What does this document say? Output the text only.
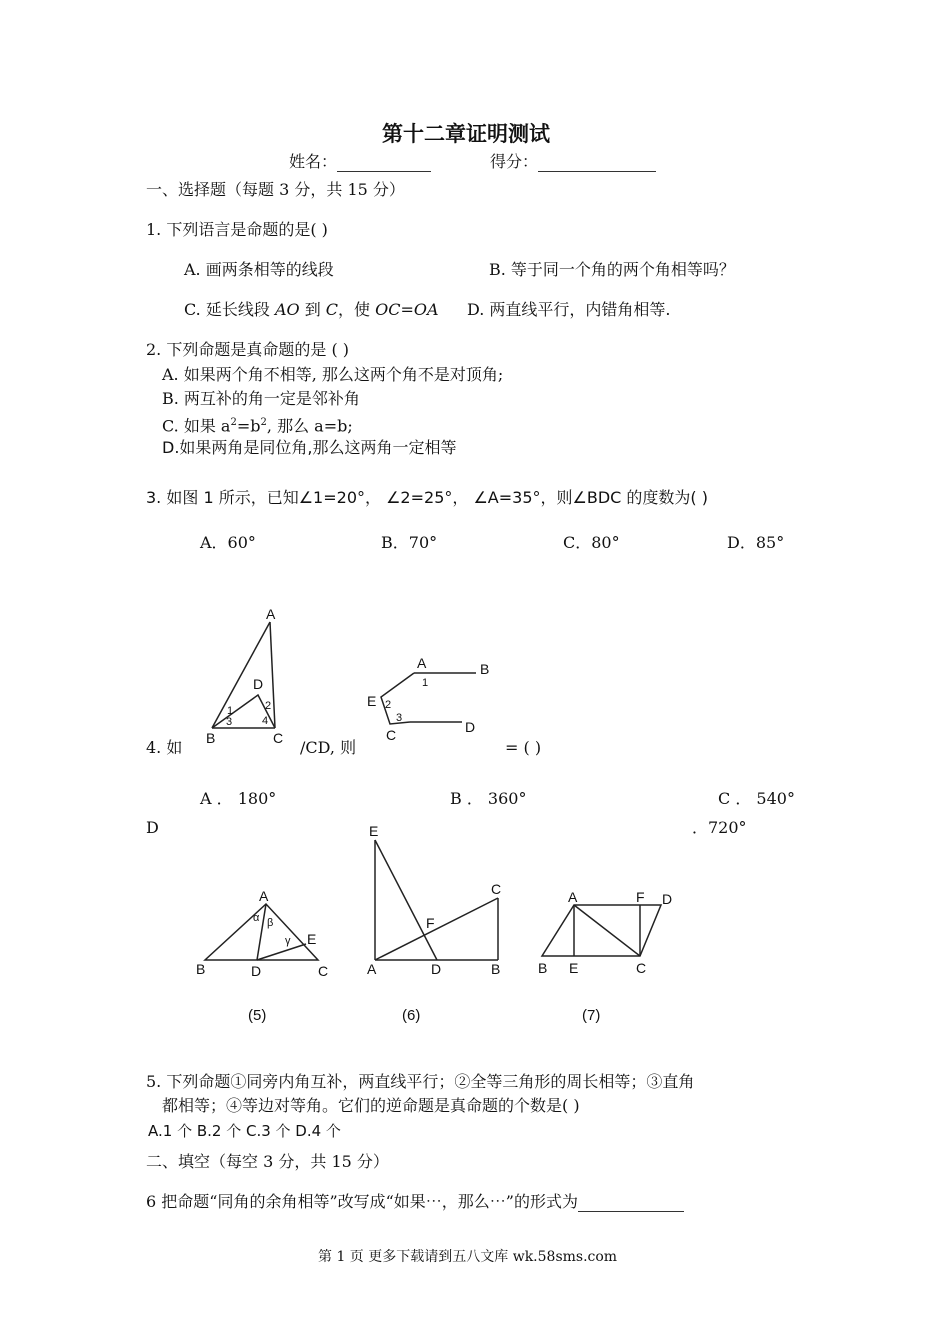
第十二章证明测试
姓名：	得分：
一、选择题（每题 3 分，共 15 分）
1. 下列语言是命题的是( )
A. 画两条相等的线段	B. 等于同一个角的两个角相等吗？
C. 延长线段 AO 到 C，使 OC=OA D. 两直线平行，内错角相等.
2. 下列命题是真命题的是 ( )
A. 如果两个角不相等, 那么这两个角不是对顶角;
B. 两互补的角一定是邻补角
C. 如果 $a^2=b^2$, 那么 a=b;
D.如果两角是同位角,那么这两角一定相等
3. 如图 1 所示，已知∠1=20°， ∠2=25°， ∠A=35°，则∠BDC 的度数为( )
A．60°	B．70°	C．80°	D．85°
4. 如	/CD, 则	= ( )
A ． 180°	B ． 360°	C ． 540°
D	．720°
A
D
B	C
1	2
3	4
A	B
E
C	D
1
2
3
A
B	D	C
E
α β
γ
(5)
E
C
F
A	D	B
(6)
A	F D
B E	C
(7)
5. 下列命题①同旁内角互补，两直线平行；②全等三角形的周长相等；③直角
都相等；④等边对等角。它们的逆命题是真命题的个数是( )
A.1 个 B.2 个 C.3 个 D.4 个
二、填空（每空 3 分，共 15 分）
6 把命题“同角的余角相等”改写成“如果⋯，那么⋯”的形式为
第 1 页 更多下载请到五八文库 wk.58sms.com
